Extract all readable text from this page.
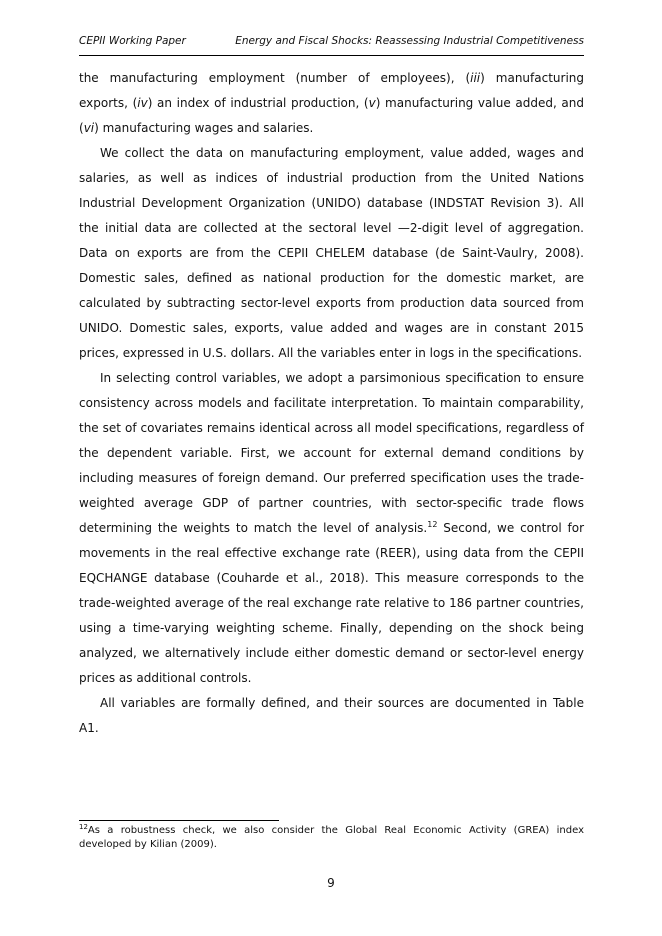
CEPII Working Paper	Energy and Fiscal Shocks: Reassessing Industrial Competitiveness

the manufacturing employment (number of employees), (iii) manufacturing exports, (iv) an index of industrial production, (v) manufacturing value added, and (vi) manufacturing wages and salaries.

We collect the data on manufacturing employment, value added, wages and salaries, as well as indices of industrial production from the United Nations Industrial Development Organization (UNIDO) database (INDSTAT Revision 3). All the initial data are collected at the sectoral level —2-digit level of aggregation. Data on exports are from the CEPII CHELEM database (de Saint-Vaulry, 2008). Domestic sales, defined as national production for the domestic market, are calculated by subtracting sector-level exports from production data sourced from UNIDO. Domestic sales, exports, value added and wages are in constant 2015 prices, expressed in U.S. dollars. All the variables enter in logs in the specifications.

In selecting control variables, we adopt a parsimonious specification to ensure consistency across models and facilitate interpretation. To maintain comparability, the set of covariates remains identical across all model specifications, regardless of the dependent variable. First, we account for external demand conditions by including measures of foreign demand. Our preferred specification uses the trade-weighted average GDP of partner countries, with sector-specific trade flows determining the weights to match the level of analysis.$^{12}$ Second, we control for movements in the real effective exchange rate (REER), using data from the CEPII EQCHANGE database (Couharde et al., 2018). This measure corresponds to the trade-weighted average of the real exchange rate relative to 186 partner countries, using a time-varying weighting scheme. Finally, depending on the shock being analyzed, we alternatively include either domestic demand or sector-level energy prices as additional controls.

All variables are formally defined, and their sources are documented in Table A1.

$^{12}$As a robustness check, we also consider the Global Real Economic Activity (GREA) index developed by Kilian (2009).
9
